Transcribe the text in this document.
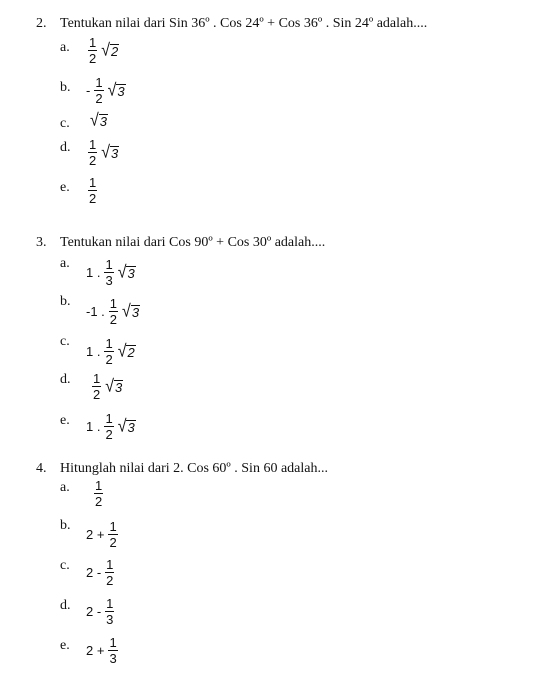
2. Tentukan nilai dari Sin 36º . Cos 24º + Cos 36º . Sin 24º adalah....
a. $\frac{1}{2}$ √ 2
b. - $\frac{1}{2}$ √ 3
c. √ 3
d. $\frac{1}{2}$ √ 3
e. $\frac{1}{2}$
3. Tentukan nilai dari Cos 90º + Cos 30º adalah....
a.
1 . $\frac{1}{3}$ √ 3
b.
-1 . $\frac{1}{2}$ √ 3
c.
1 . $\frac{1}{2}$ √ 2
d. $\frac{1}{2}$ √ 3
e. 1 . $\frac{1}{2}$ √ 3
4. Hitunglah nilai dari 2. Cos 60º . Sin 60 adalah...
a. $\frac{1}{2}$
b.
$2 + \frac{1}{2}$
c. $2 - \frac{1}{2}$
d. $2 - \frac{1}{3}$
e. $2 + \frac{1}{3}$
